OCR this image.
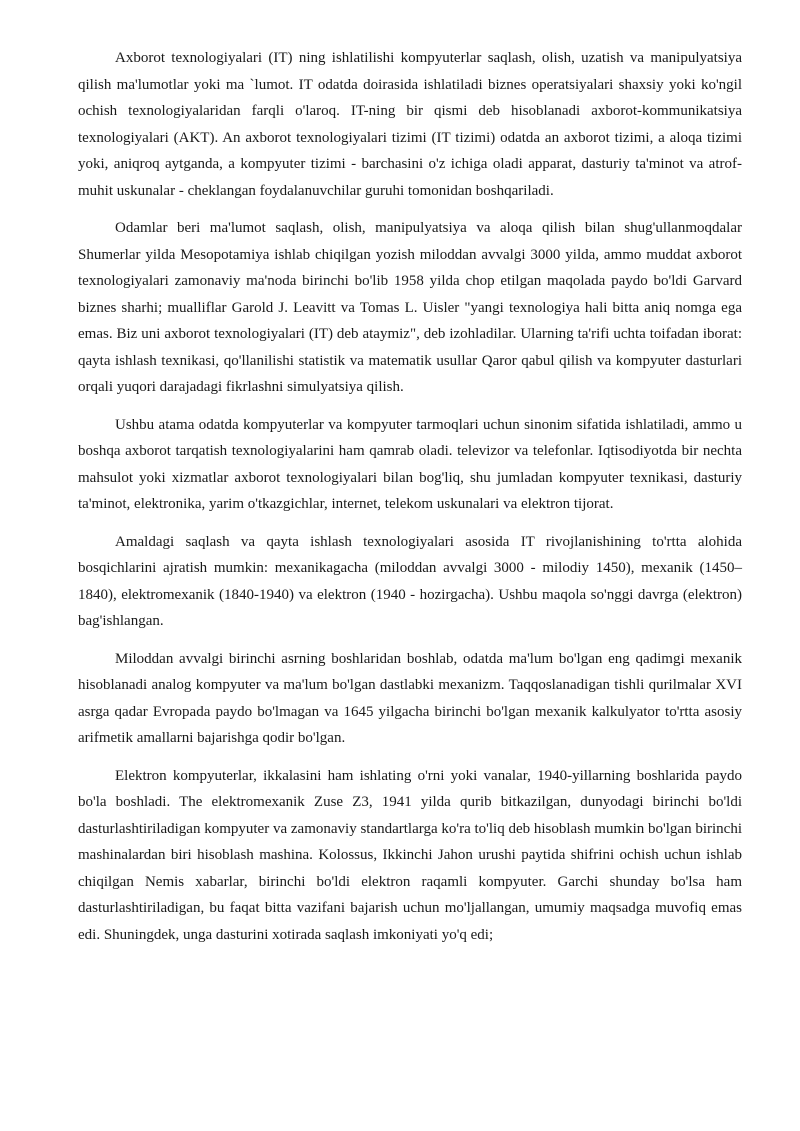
Axborot texnologiyalari (IT) ning ishlatilishi kompyuterlar saqlash, olish, uzatish va manipulyatsiya qilish ma'lumotlar yoki ma `lumot. IT odatda doirasida ishlatiladi biznes operatsiyalari shaxsiy yoki ko'ngil ochish texnologiyalaridan farqli o'laroq. IT-ning bir qismi deb hisoblanadi axborot-kommunikatsiya texnologiyalari (AKT). An axborot texnologiyalari tizimi (IT tizimi) odatda an axborot tizimi, a aloqa tizimi yoki, aniqroq aytganda, a kompyuter tizimi - barchasini o'z ichiga oladi apparat, dasturiy ta'minot va atrof-muhit uskunalar - cheklangan foydalanuvchilar guruhi tomonidan boshqariladi.

Odamlar beri ma'lumot saqlash, olish, manipulyatsiya va aloqa qilish bilan shug'ullanmoqdalar Shumerlar yilda Mesopotamiya ishlab chiqilgan yozish miloddan avvalgi 3000 yilda, ammo muddat axborot texnologiyalari zamonaviy ma'noda birinchi bo'lib 1958 yilda chop etilgan maqolada paydo bo'ldi Garvard biznes sharhi; mualliflar Garold J. Leavitt va Tomas L. Uisler "yangi texnologiya hali bitta aniq nomga ega emas. Biz uni axborot texnologiyalari (IT) deb ataymiz", deb izohladilar. Ularning ta'rifi uchta toifadan iborat: qayta ishlash texnikasi, qo'llanilishi statistik va matematik usullar Qaror qabul qilish va kompyuter dasturlari orqali yuqori darajadagi fikrlashni simulyatsiya qilish.

Ushbu atama odatda kompyuterlar va kompyuter tarmoqlari uchun sinonim sifatida ishlatiladi, ammo u boshqa axborot tarqatish texnologiyalarini ham qamrab oladi. televizor va telefonlar. Iqtisodiyotda bir nechta mahsulot yoki xizmatlar axborot texnologiyalari bilan bog'liq, shu jumladan kompyuter texnikasi, dasturiy ta'minot, elektronika, yarim o'tkazgichlar, internet, telekom uskunalari va elektron tijorat.

Amaldagi saqlash va qayta ishlash texnologiyalari asosida IT rivojlanishining to'rtta alohida bosqichlarini ajratish mumkin: mexanikagacha (miloddan avvalgi 3000 - milodiy 1450), mexanik (1450–1840), elektromexanik (1840-1940) va elektron (1940 - hozirgacha). Ushbu maqola so'nggi davrga (elektron) bag'ishlangan.

Miloddan avvalgi birinchi asrning boshlaridan boshlab, odatda ma'lum bo'lgan eng qadimgi mexanik hisoblanadi analog kompyuter va ma'lum bo'lgan dastlabki mexanizm. Taqqoslanadigan tishli qurilmalar XVI asrga qadar Evropada paydo bo'lmagan va 1645 yilgacha birinchi bo'lgan mexanik kalkulyator to'rtta asosiy arifmetik amallarni bajarishga qodir bo'lgan.

Elektron kompyuterlar, ikkalasini ham ishlating o'rni yoki vanalar, 1940-yillarning boshlarida paydo bo'la boshladi. The elektromexanik Zuse Z3, 1941 yilda qurib bitkazilgan, dunyodagi birinchi bo'ldi dasturlashtiriladigan kompyuter va zamonaviy standartlarga ko'ra to'liq deb hisoblash mumkin bo'lgan birinchi mashinalardan biri hisoblash mashina. Kolossus, Ikkinchi Jahon urushi paytida shifrini ochish uchun ishlab chiqilgan Nemis xabarlar, birinchi bo'ldi elektron raqamli kompyuter. Garchi shunday bo'lsa ham dasturlashtiriladigan, bu faqat bitta vazifani bajarish uchun mo'ljallangan, umumiy maqsadga muvofiq emas edi. Shuningdek, unga dasturini xotirada saqlash imkoniyati yo'q edi;
